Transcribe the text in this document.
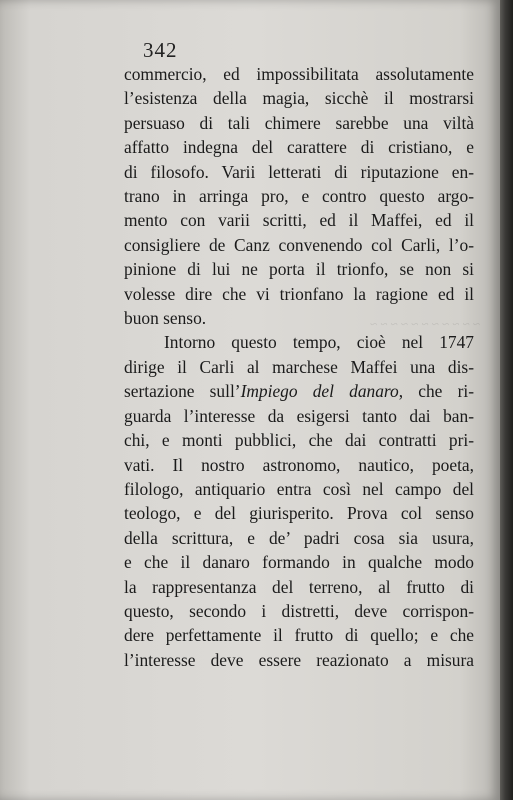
~ ~ ~ ~ ~ ~ ~ ~ ~ ~ ~
342
commercio, ed impossibilitata assolutamente
l’esistenza della magia, sicchè il mostrarsi
persuaso di tali chimere sarebbe una viltà
affatto indegna del carattere di cristiano, e
di filosofo. Varii letterati di riputazione en-
trano in arringa pro, e contro questo argo-
mento con varii scritti, ed il Maffei, ed il
consigliere de Canz convenendo col Carli, l’o-
pinione di lui ne porta il trionfo, se non si
volesse dire che vi trionfano la ragione ed il
buon senso.
Intorno questo tempo, cioè nel 1747
dirige il Carli al marchese Maffei una dis-
sertazione sull’Impiego del danaro, che ri-
guarda l’interesse da esigersi tanto dai ban-
chi, e monti pubblici, che dai contratti pri-
vati. Il nostro astronomo, nautico, poeta,
filologo, antiquario entra così nel campo del
teologo, e del giurisperito. Prova col senso
della scrittura, e de’ padri cosa sia usura,
e che il danaro formando in qualche modo
la rappresentanza del terreno, al frutto di
questo, secondo i distretti, deve corrispon-
dere perfettamente il frutto di quello; e che
l’interesse deve essere reazionato a misura
